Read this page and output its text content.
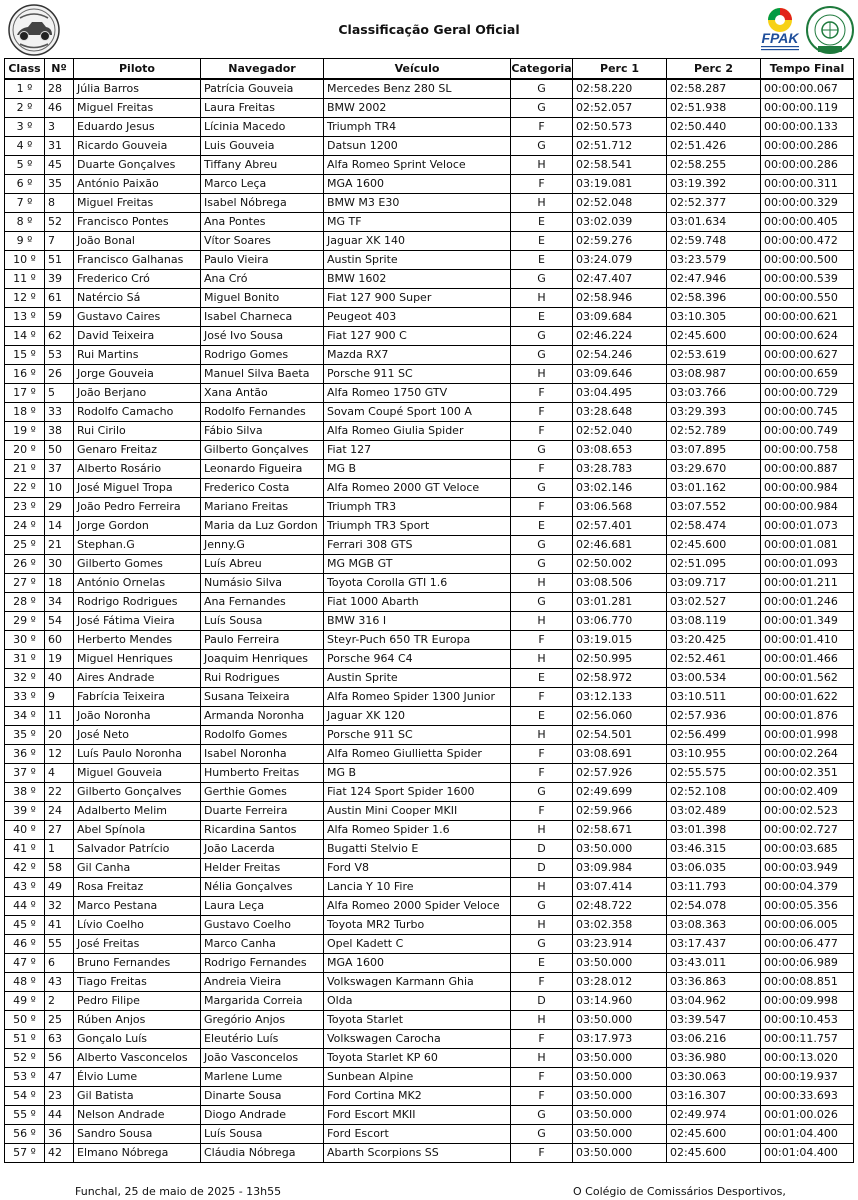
Classificação Geral Oficial
FPAK
Class	Nº	Piloto	Navegador	Veículo	Categoria	Perc 1	Perc 2	Tempo Final
1 º	28	Júlia Barros	Patrícia Gouveia	Mercedes Benz 280 SL	G	02:58.220	02:58.287	00:00:00.067
2 º	46	Miguel Freitas	Laura Freitas	BMW 2002	G	02:52.057	02:51.938	00:00:00.119
3 º	3	Eduardo Jesus	Lícinia Macedo	Triumph TR4	F	02:50.573	02:50.440	00:00:00.133
4 º	31	Ricardo Gouveia	Luis Gouveia	Datsun 1200	G	02:51.712	02:51.426	00:00:00.286
5 º	45	Duarte Gonçalves	Tiffany Abreu	Alfa Romeo Sprint Veloce	H	02:58.541	02:58.255	00:00:00.286
6 º	35	António Paixão	Marco Leça	MGA 1600	F	03:19.081	03:19.392	00:00:00.311
7 º	8	Miguel Freitas	Isabel Nóbrega	BMW M3 E30	H	02:52.048	02:52.377	00:00:00.329
8 º	52	Francisco Pontes	Ana Pontes	MG TF	E	03:02.039	03:01.634	00:00:00.405
9 º	7	João Bonal	Vítor Soares	Jaguar XK 140	E	02:59.276	02:59.748	00:00:00.472
10 º	51	Francisco Galhanas	Paulo Vieira	Austin Sprite	E	03:24.079	03:23.579	00:00:00.500
11 º	39	Frederico Cró	Ana Cró	BMW 1602	G	02:47.407	02:47.946	00:00:00.539
12 º	61	Natércio Sá	Miguel Bonito	Fiat 127 900 Super	H	02:58.946	02:58.396	00:00:00.550
13 º	59	Gustavo Caires	Isabel Charneca	Peugeot 403	E	03:09.684	03:10.305	00:00:00.621
14 º	62	David Teixeira	José Ivo Sousa	Fiat 127 900 C	G	02:46.224	02:45.600	00:00:00.624
15 º	53	Rui Martins	Rodrigo Gomes	Mazda RX7	G	02:54.246	02:53.619	00:00:00.627
16 º	26	Jorge Gouveia	Manuel Silva Baeta	Porsche 911 SC	H	03:09.646	03:08.987	00:00:00.659
17 º	5	João Berjano	Xana Antão	Alfa Romeo 1750 GTV	F	03:04.495	03:03.766	00:00:00.729
18 º	33	Rodolfo Camacho	Rodolfo Fernandes	Sovam Coupé Sport 100 A	F	03:28.648	03:29.393	00:00:00.745
19 º	38	Rui Cirilo	Fábio Silva	Alfa Romeo Giulia Spider	F	02:52.040	02:52.789	00:00:00.749
20 º	50	Genaro Freitaz	Gilberto Gonçalves	Fiat 127	G	03:08.653	03:07.895	00:00:00.758
21 º	37	Alberto Rosário	Leonardo Figueira	MG B	F	03:28.783	03:29.670	00:00:00.887
22 º	10	José Miguel Tropa	Frederico Costa	Alfa Romeo 2000 GT Veloce	G	03:02.146	03:01.162	00:00:00.984
23 º	29	João Pedro Ferreira	Mariano Freitas	Triumph TR3	F	03:06.568	03:07.552	00:00:00.984
24 º	14	Jorge Gordon	Maria da Luz Gordon	Triumph TR3 Sport	E	02:57.401	02:58.474	00:00:01.073
25 º	21	Stephan.G	Jenny.G	Ferrari 308 GTS	G	02:46.681	02:45.600	00:00:01.081
26 º	30	Gilberto Gomes	Luís Abreu	MG MGB GT	G	02:50.002	02:51.095	00:00:01.093
27 º	18	António Ornelas	Numásio Silva	Toyota Corolla GTI 1.6	H	03:08.506	03:09.717	00:00:01.211
28 º	34	Rodrigo Rodrigues	Ana Fernandes	Fiat 1000 Abarth	G	03:01.281	03:02.527	00:00:01.246
29 º	54	José Fátima Vieira	Luís Sousa	BMW 316 I	H	03:06.770	03:08.119	00:00:01.349
30 º	60	Herberto Mendes	Paulo Ferreira	Steyr-Puch 650 TR Europa	F	03:19.015	03:20.425	00:00:01.410
31 º	19	Miguel Henriques	Joaquim Henriques	Porsche 964 C4	H	02:50.995	02:52.461	00:00:01.466
32 º	40	Aires Andrade	Rui Rodrigues	Austin Sprite	E	02:58.972	03:00.534	00:00:01.562
33 º	9	Fabrícia Teixeira	Susana Teixeira	Alfa Romeo Spider 1300 Junior	F	03:12.133	03:10.511	00:00:01.622
34 º	11	João Noronha	Armanda Noronha	Jaguar XK 120	E	02:56.060	02:57.936	00:00:01.876
35 º	20	José Neto	Rodolfo Gomes	Porsche 911 SC	H	02:54.501	02:56.499	00:00:01.998
36 º	12	Luís Paulo Noronha	Isabel Noronha	Alfa Romeo Giullietta Spider	F	03:08.691	03:10.955	00:00:02.264
37 º	4	Miguel Gouveia	Humberto Freitas	MG B	F	02:57.926	02:55.575	00:00:02.351
38 º	22	Gilberto Gonçalves	Gerthie Gomes	Fiat 124 Sport Spider 1600	G	02:49.699	02:52.108	00:00:02.409
39 º	24	Adalberto Melim	Duarte Ferreira	Austin Mini Cooper MKII	F	02:59.966	03:02.489	00:00:02.523
40 º	27	Abel Spínola	Ricardina Santos	Alfa Romeo Spider 1.6	H	02:58.671	03:01.398	00:00:02.727
41 º	1	Salvador Patrício	João Lacerda	Bugatti Stelvio E	D	03:50.000	03:46.315	00:00:03.685
42 º	58	Gil Canha	Helder Freitas	Ford V8	D	03:09.984	03:06.035	00:00:03.949
43 º	49	Rosa Freitaz	Nélia Gonçalves	Lancia Y 10 Fire	H	03:07.414	03:11.793	00:00:04.379
44 º	32	Marco Pestana	Laura Leça	Alfa Romeo 2000 Spider Veloce	G	02:48.722	02:54.078	00:00:05.356
45 º	41	Lívio Coelho	Gustavo Coelho	Toyota MR2 Turbo	H	03:02.358	03:08.363	00:00:06.005
46 º	55	José Freitas	Marco Canha	Opel Kadett C	G	03:23.914	03:17.437	00:00:06.477
47 º	6	Bruno Fernandes	Rodrigo Fernandes	MGA 1600	E	03:50.000	03:43.011	00:00:06.989
48 º	43	Tiago Freitas	Andreia Vieira	Volkswagen Karmann Ghia	F	03:28.012	03:36.863	00:00:08.851
49 º	2	Pedro Filipe	Margarida Correia	Olda	D	03:14.960	03:04.962	00:00:09.998
50 º	25	Rúben Anjos	Gregório Anjos	Toyota Starlet	H	03:50.000	03:39.547	00:00:10.453
51 º	63	Gonçalo Luís	Eleutério Luís	Volkswagen Carocha	F	03:17.973	03:06.216	00:00:11.757
52 º	56	Alberto Vasconcelos	João Vasconcelos	Toyota Starlet KP 60	H	03:50.000	03:36.980	00:00:13.020
53 º	47	Élvio Lume	Marlene Lume	Sunbean Alpine	F	03:50.000	03:30.063	00:00:19.937
54 º	23	Gil Batista	Dinarte Sousa	Ford Cortina MK2	F	03:50.000	03:16.307	00:00:33.693
55 º	44	Nelson Andrade	Diogo Andrade	Ford Escort MKII	G	03:50.000	02:49.974	00:01:00.026
56 º	36	Sandro Sousa	Luís Sousa	Ford Escort	G	03:50.000	02:45.600	00:01:04.400
57 º	42	Elmano Nóbrega	Cláudia Nóbrega	Abarth Scorpions SS	F	03:50.000	02:45.600	00:01:04.400
Funchal, 25 de maio de 2025 - 13h55	O Colégio de Comissários Desportivos,
